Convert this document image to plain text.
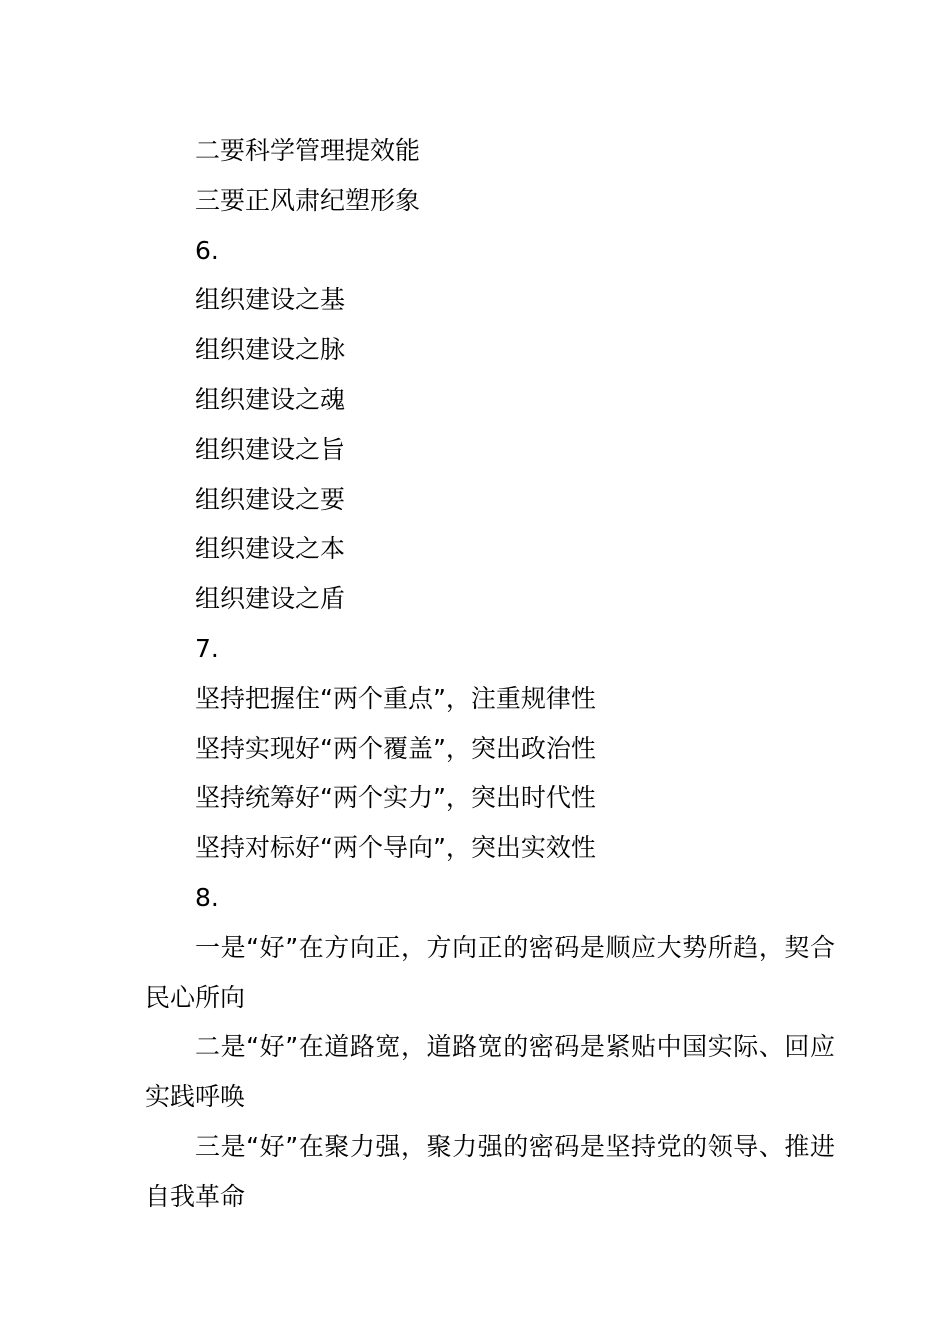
二要科学管理提效能
三要正风肃纪塑形象
6.
组织建设之基
组织建设之脉
组织建设之魂
组织建设之旨
组织建设之要
组织建设之本
组织建设之盾
7.
坚持把握住“两个重点”，注重规律性
坚持实现好“两个覆盖”，突出政治性
坚持统筹好“两个实力”，突出时代性
坚持对标好“两个导向”，突出实效性
8.

一是“好”在方向正，方向正的密码是顺应大势所趋，契合民心所向

二是“好”在道路宽，道路宽的密码是紧贴中国实际、回应实践呼唤

三是“好”在聚力强，聚力强的密码是坚持党的领导、推进自我革命
